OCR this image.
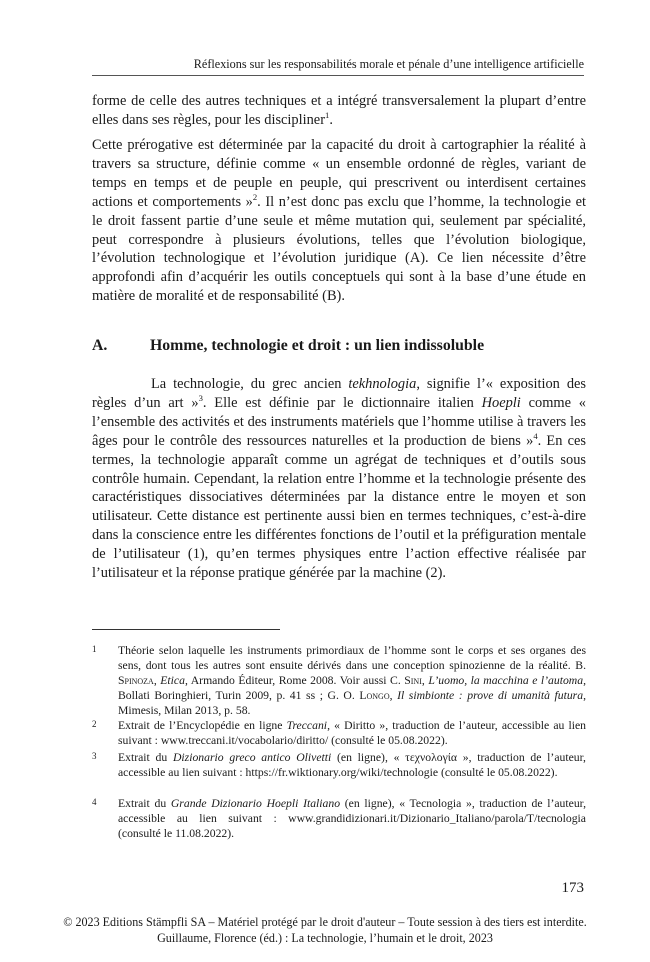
Réflexions sur les responsabilités morale et pénale d’une intelligence artificielle

forme de celle des autres techniques et a intégré transversalement la plupart d’entre elles dans ses règles, pour les discipliner$^1$.

Cette prérogative est déterminée par la capacité du droit à cartographier la réalité à travers sa structure, définie comme « un ensemble ordonné de règles, variant de temps en temps et de peuple en peuple, qui prescrivent ou interdisent certaines actions et comportements »$^2$. Il n’est donc pas exclu que l’homme, la technologie et le droit fassent partie d’une seule et même mutation qui, seulement par spécialité, peut correspondre à plusieurs évolutions, telles que l’évolution biologique, l’évolution technologique et l’évolution juridique (A). Ce lien nécessite d’être approfondi afin d’acquérir les outils conceptuels qui sont à la base d’une étude en matière de moralité et de responsabilité (B).

A.	Homme, technologie et droit : un lien indissoluble

La technologie, du grec ancien tekhnologia, signifie l’« exposition des règles d’un art »$^3$. Elle est définie par le dictionnaire italien Hoepli comme « l’ensemble des activités et des instruments matériels que l’homme utilise à travers les âges pour le contrôle des ressources naturelles et la production de biens »$^4$. En ces termes, la technologie apparaît comme un agrégat de techniques et d’outils sous contrôle humain. Cependant, la relation entre l’homme et la technologie présente des caractéristiques dissociatives déterminées par la distance entre le moyen et son utilisateur. Cette distance est pertinente aussi bien en termes techniques, c’est-à-dire dans la conscience entre les différentes fonctions de l’outil et la préfiguration mentale de l’utilisateur (1), qu’en termes physiques entre l’action effective réalisée par l’utilisateur et la réponse pratique générée par la machine (2).

1 Théorie selon laquelle les instruments primordiaux de l’homme sont le corps et ses organes des sens, dont tous les autres sont ensuite dérivés dans une conception spinozienne de la réalité. B. Spinoza, Etica, Armando Éditeur, Rome 2008. Voir aussi C. Sini, L’uomo, la macchina e l’automa, Bollati Boringhieri, Turin 2009, p. 41 ss ; G. O. Longo, Il simbionte : prove di umanità futura, Mimesis, Milan 2013, p. 58.
2 Extrait de l’Encyclopédie en ligne Treccani, « Diritto », traduction de l’auteur, accessible au lien suivant : www.treccani.it/vocabolario/diritto/ (consulté le 05.08.2022).
3 Extrait du Dizionario greco antico Olivetti (en ligne), « τεχνολογία », traduction de l’auteur, accessible au lien suivant : https://fr.wiktionary.org/wiki/technologie (consulté le 05.08.2022).
4 Extrait du Grande Dizionario Hoepli Italiano (en ligne), « Tecnologia », traduction de l’auteur, accessible au lien suivant : www.grandidizionari.it/Dizionario_Italiano/parola/T/tecnologia (consulté le 11.08.2022).
173
© 2023 Editions Stämpfli SA – Matériel protégé par le droit d'auteur – Toute session à des tiers est interdite.
Guillaume, Florence (éd.) : La technologie, l’humain et le droit, 2023
